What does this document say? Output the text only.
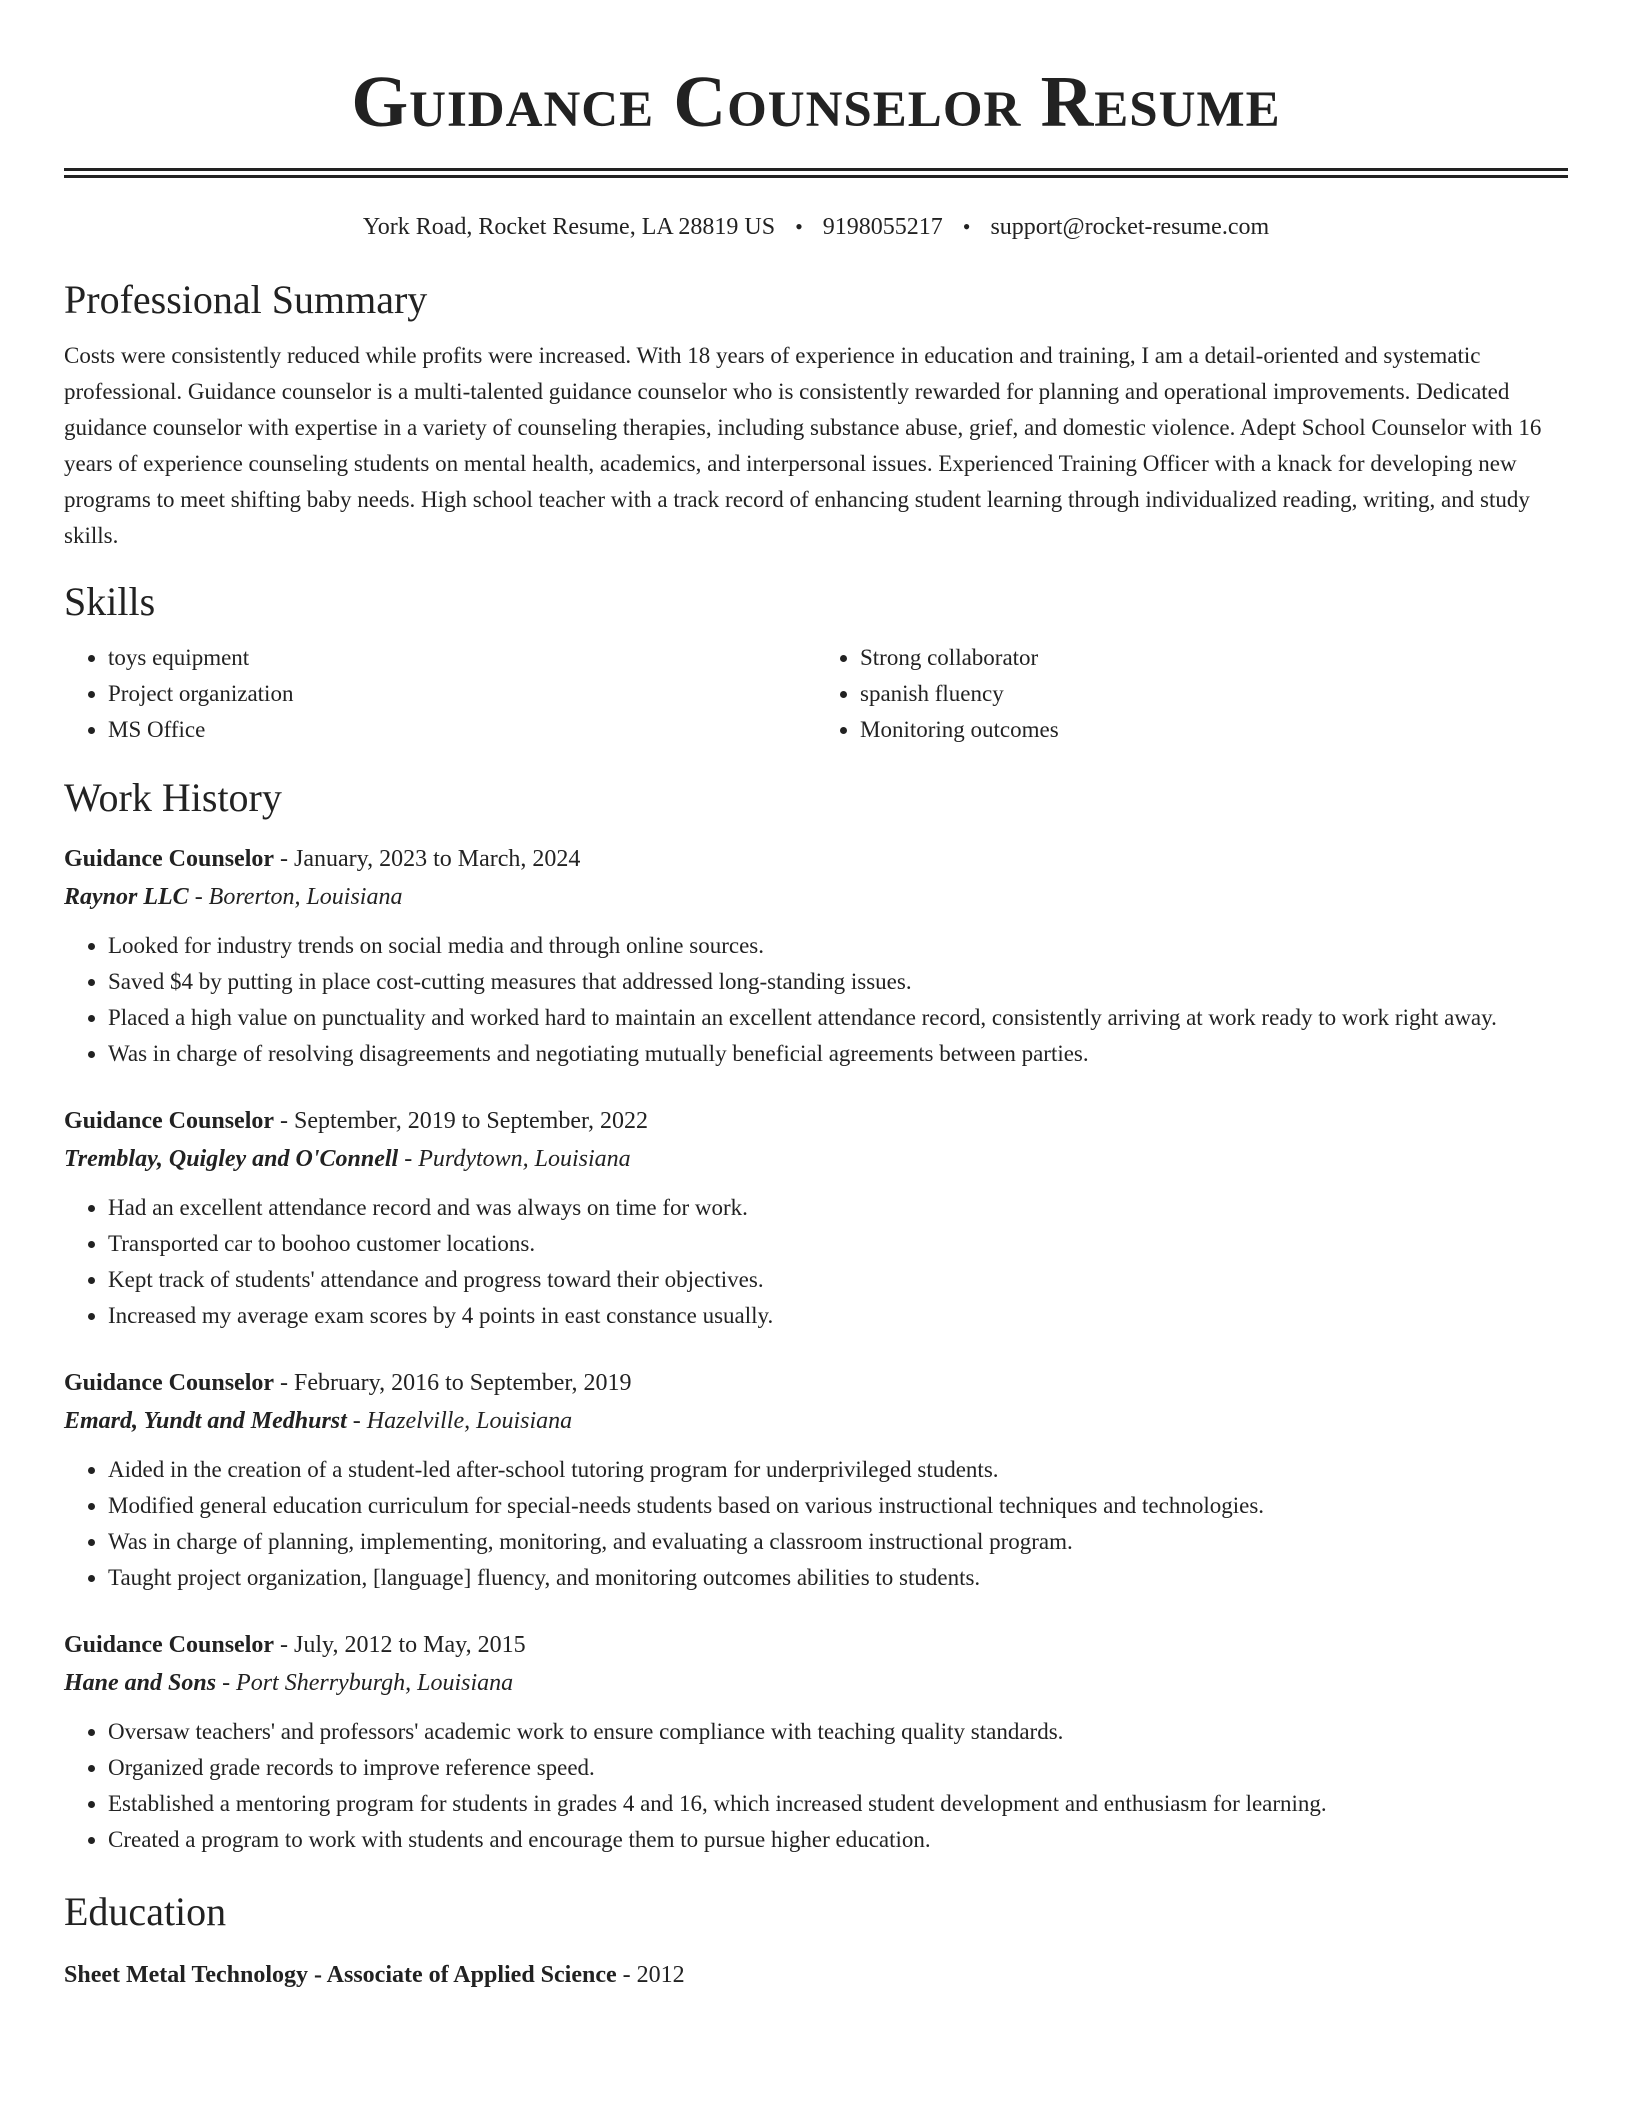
Guidance Counselor Resume
York Road, Rocket Resume, LA 28819 US • 9198055217 • support@rocket-resume.com
Professional Summary

Costs were consistently reduced while profits were increased. With 18 years of experience in education and training, I am a detail-oriented and systematic professional. Guidance counselor is a multi-talented guidance counselor who is consistently rewarded for planning and operational improvements. Dedicated guidance counselor with expertise in a variety of counseling therapies, including substance abuse, grief, and domestic violence. Adept School Counselor with 16 years of experience counseling students on mental health, academics, and interpersonal issues. Experienced Training Officer with a knack for developing new programs to meet shifting baby needs. High school teacher with a track record of enhancing student learning through individualized reading, writing, and study skills.

Skills
• toys equipment
• Project organization
• MS Office
• Strong collaborator
• spanish fluency
• Monitoring outcomes
Work History
Guidance Counselor - January, 2023 to March, 2024
Raynor LLC - Borerton, Louisiana
• Looked for industry trends on social media and through online sources.
• Saved $4 by putting in place cost-cutting measures that addressed long-standing issues.
• Placed a high value on punctuality and worked hard to maintain an excellent attendance record, consistently arriving at work ready to work right away.
• Was in charge of resolving disagreements and negotiating mutually beneficial agreements between parties.
Guidance Counselor - September, 2019 to September, 2022
Tremblay, Quigley and O'Connell - Purdytown, Louisiana
• Had an excellent attendance record and was always on time for work.
• Transported car to boohoo customer locations.
• Kept track of students' attendance and progress toward their objectives.
• Increased my average exam scores by 4 points in east constance usually.
Guidance Counselor - February, 2016 to September, 2019
Emard, Yundt and Medhurst - Hazelville, Louisiana
• Aided in the creation of a student-led after-school tutoring program for underprivileged students.
• Modified general education curriculum for special-needs students based on various instructional techniques and technologies.
• Was in charge of planning, implementing, monitoring, and evaluating a classroom instructional program.
• Taught project organization, [language] fluency, and monitoring outcomes abilities to students.
Guidance Counselor - July, 2012 to May, 2015
Hane and Sons - Port Sherryburgh, Louisiana
• Oversaw teachers' and professors' academic work to ensure compliance with teaching quality standards.
• Organized grade records to improve reference speed.
• Established a mentoring program for students in grades 4 and 16, which increased student development and enthusiasm for learning.
• Created a program to work with students and encourage them to pursue higher education.
Education
Sheet Metal Technology - Associate of Applied Science - 2012
